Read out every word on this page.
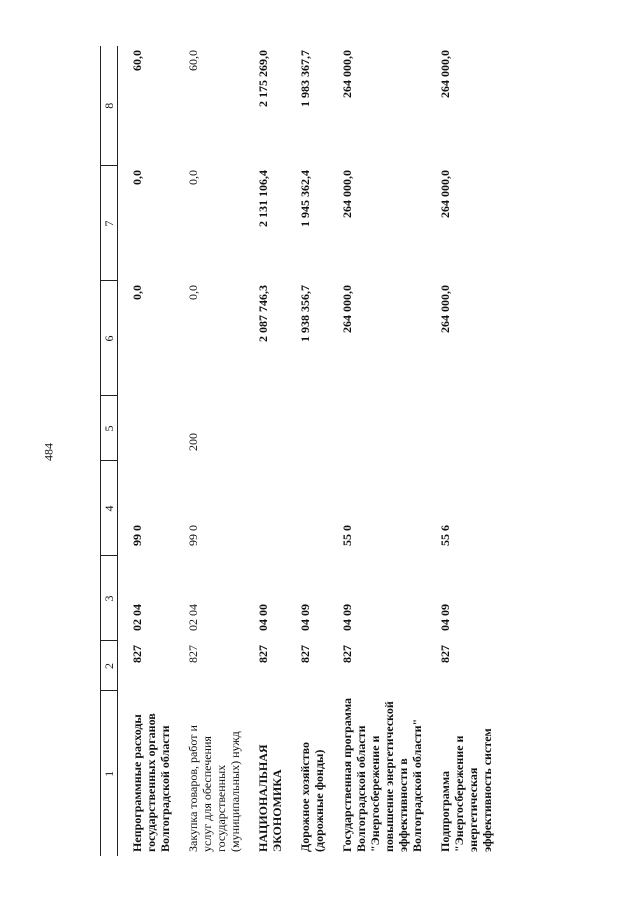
484
1	2	3	4	5	6	7	8
Непрограммные расходы государственных органов Волгоградской области	827	02 04	99 0		0,0	0,0	60,0
Закупка товаров, работ и услуг для обеспечения государственных (муниципальных) нужд	827	02 04	99 0	200	0,0	0,0	60,0
НАЦИОНАЛЬНАЯ ЭКОНОМИКА	827	04 00			2 087 746,3	2 131 106,4	2 175 269,0
Дорожное хозяйство (дорожные фонды)	827	04 09			1 938 356,7	1 945 362,4	1 983 367,7
Государственная программа Волгоградской области "Энергосбережение и повышение энергетической эффективности в Волгоградской области"	827	04 09	55 0		264 000,0	264 000,0	264 000,0
Подпрограмма "Энергосбережение и энергетическая эффективность систем	827	04 09	55 6		264 000,0	264 000,0	264 000,0
